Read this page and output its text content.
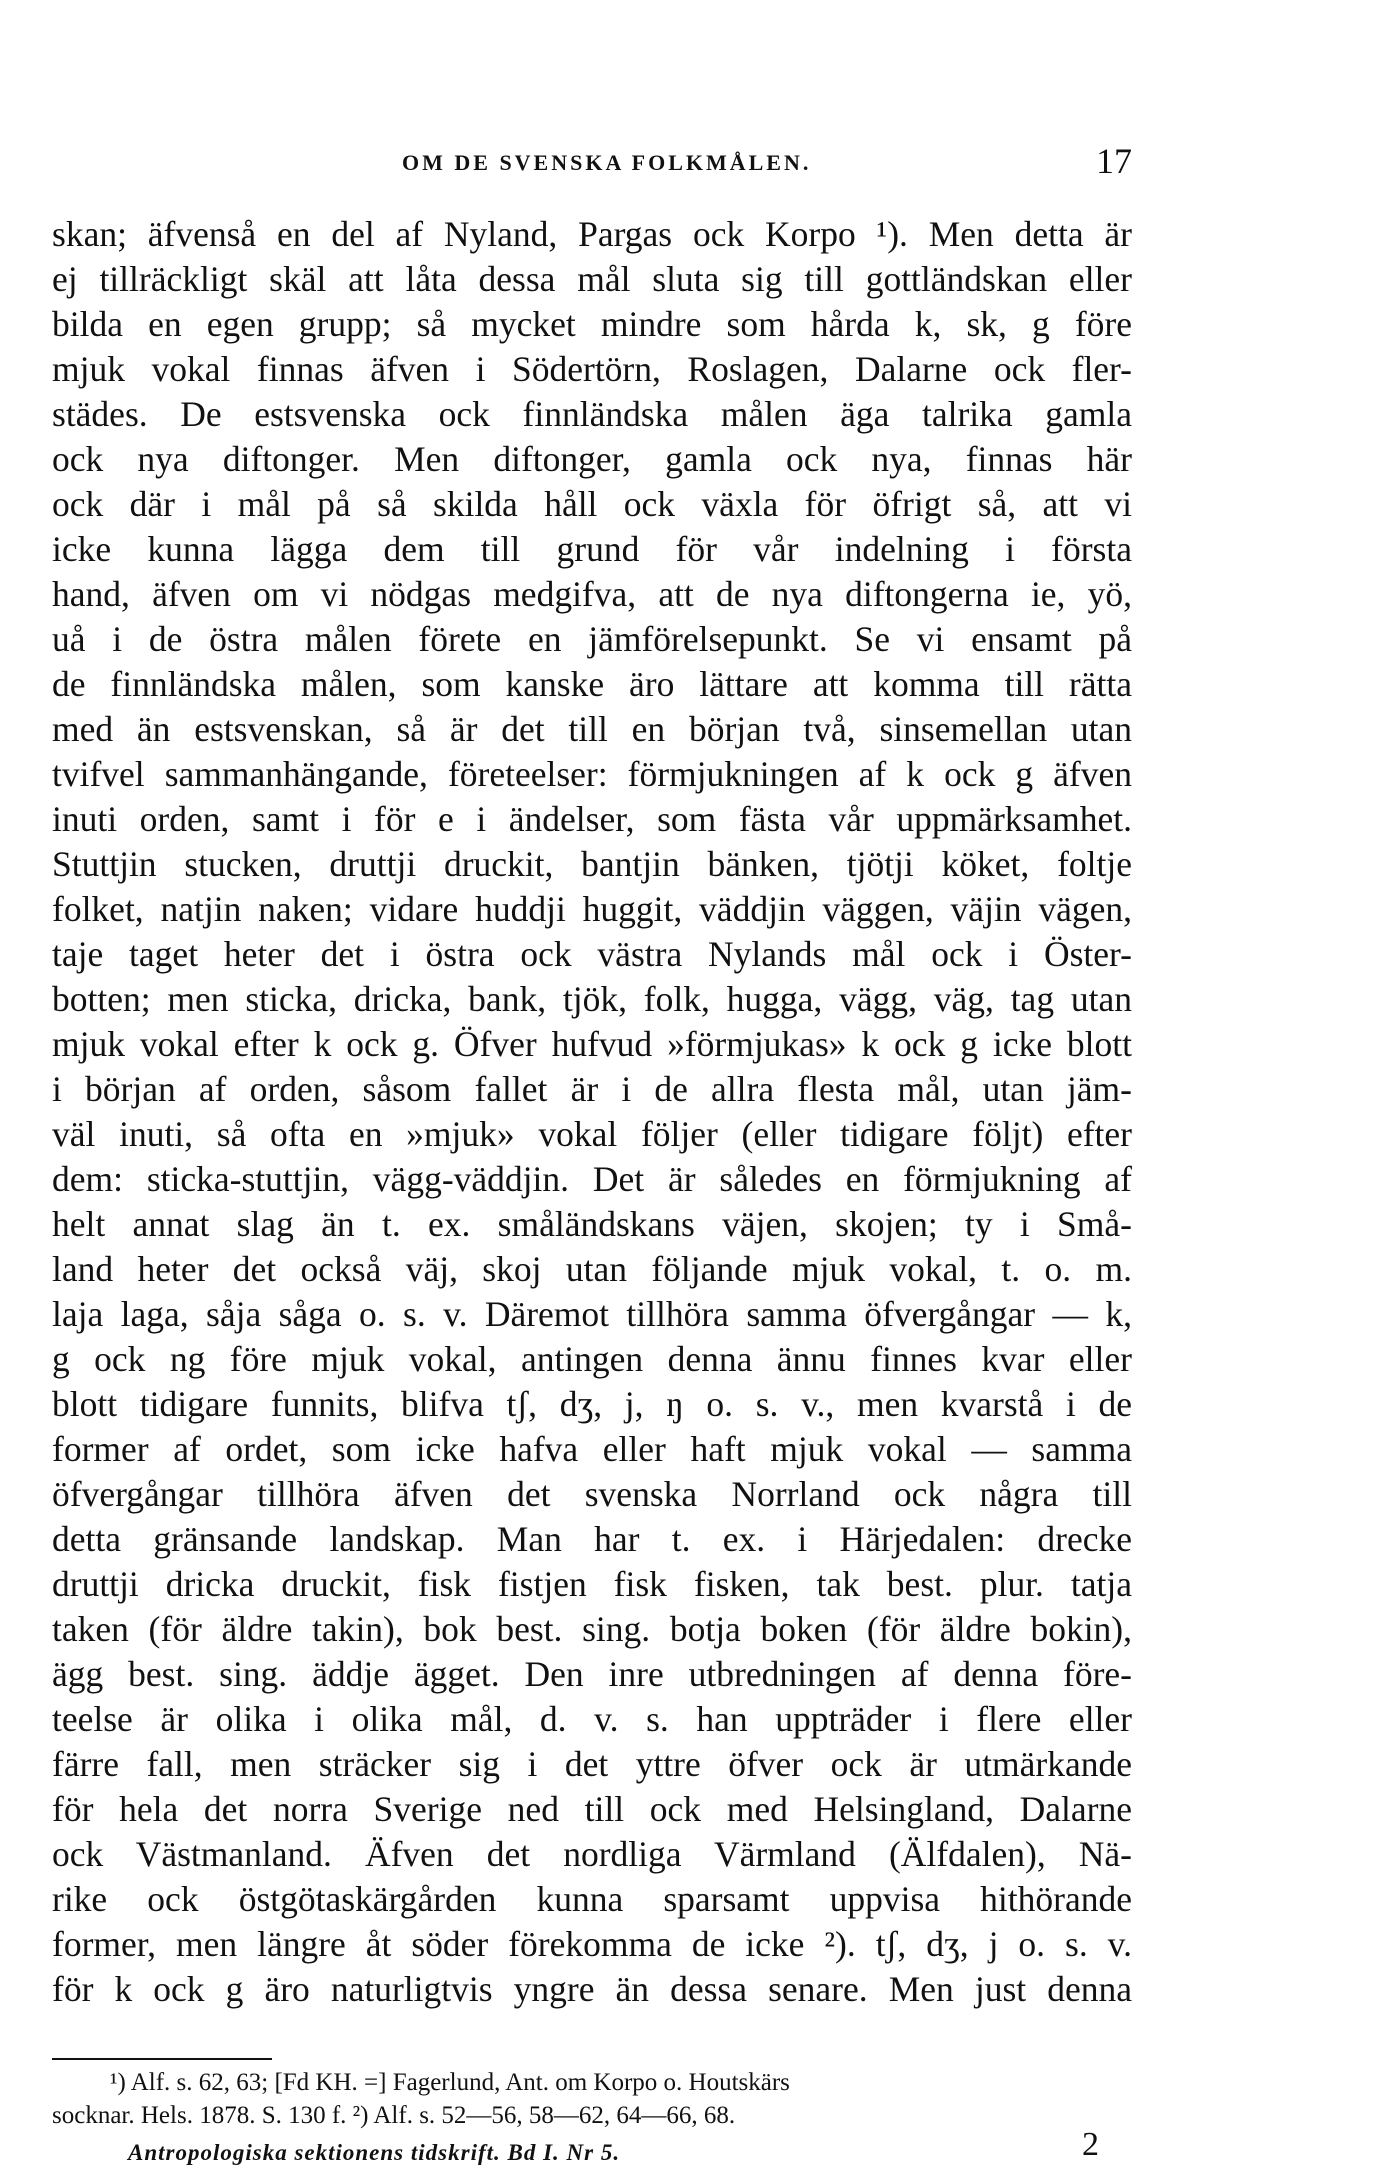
OM DE SVENSKA FOLKMÅLEN.	17
skan; äfvenså en del af Nyland, Pargas ock Korpo ¹). Men detta är
ej tillräckligt skäl att låta dessa mål sluta sig till gottländskan eller
bilda en egen grupp; så mycket mindre som hårda k, sk, g före
mjuk vokal finnas äfven i Södertörn, Roslagen, Dalarne ock fler-
städes. De estsvenska ock finnländska målen äga talrika gamla
ock nya diftonger. Men diftonger, gamla ock nya, finnas här
ock där i mål på så skilda håll ock växla för öfrigt så, att vi
icke kunna lägga dem till grund för vår indelning i första
hand, äfven om vi nödgas medgifva, att de nya diftongerna ie, yö,
uå i de östra målen förete en jämförelsepunkt. Se vi ensamt på
de finnländska målen, som kanske äro lättare att komma till rätta
med än estsvenskan, så är det till en början två, sinsemellan utan
tvifvel sammanhängande, företeelser: förmjukningen af k ock g äfven
inuti orden, samt i för e i ändelser, som fästa vår uppmärksamhet.
Stuttjin stucken, druttji druckit, bantjin bänken, tjötji köket, foltje
folket, natjin naken; vidare huddji huggit, väddjin väggen, väjin vägen,
taje taget heter det i östra ock västra Nylands mål ock i Öster-
botten; men sticka, dricka, bank, tjök, folk, hugga, vägg, väg, tag utan
mjuk vokal efter k ock g. Öfver hufvud »förmjukas» k ock g icke blott
i början af orden, såsom fallet är i de allra flesta mål, utan jäm-
väl inuti, så ofta en »mjuk» vokal följer (eller tidigare följt) efter
dem: sticka-stuttjin, vägg-väddjin. Det är således en förmjukning af
helt annat slag än t. ex. småländskans väjen, skojen; ty i Små-
land heter det också väj, skoj utan följande mjuk vokal, t. o. m.
laja laga, såja såga o. s. v. Däremot tillhöra samma öfvergångar — k,
g ock ng före mjuk vokal, antingen denna ännu finnes kvar eller
blott tidigare funnits, blifva tʃ, dʒ, j, ŋ o. s. v., men kvarstå i de
former af ordet, som icke hafva eller haft mjuk vokal — samma
öfvergångar tillhöra äfven det svenska Norrland ock några till
detta gränsande landskap. Man har t. ex. i Härjedalen: drecke
druttji dricka druckit, fisk fistjen fisk fisken, tak best. plur. tatja
taken (för äldre takin), bok best. sing. botja boken (för äldre bokin),
ägg best. sing. äddje ägget. Den inre utbredningen af denna före-
teelse är olika i olika mål, d. v. s. han uppträder i flere eller
färre fall, men sträcker sig i det yttre öfver ock är utmärkande
för hela det norra Sverige ned till ock med Helsingland, Dalarne
ock Västmanland. Äfven det nordliga Värmland (Älfdalen), Nä-
rike ock östgötaskärgården kunna sparsamt uppvisa hithörande
former, men längre åt söder förekomma de icke ²). tʃ, dʒ, j o. s. v.
för k ock g äro naturligtvis yngre än dessa senare. Men just denna
¹) Alf. s. 62, 63; [Fd KH. =] Fagerlund, Ant. om Korpo o. Houtskärs
socknar. Hels. 1878. S. 130 f. ²) Alf. s. 52—56, 58—62, 64—66, 68.
Antropologiska sektionens tidskrift. Bd I. Nr 5.	2
